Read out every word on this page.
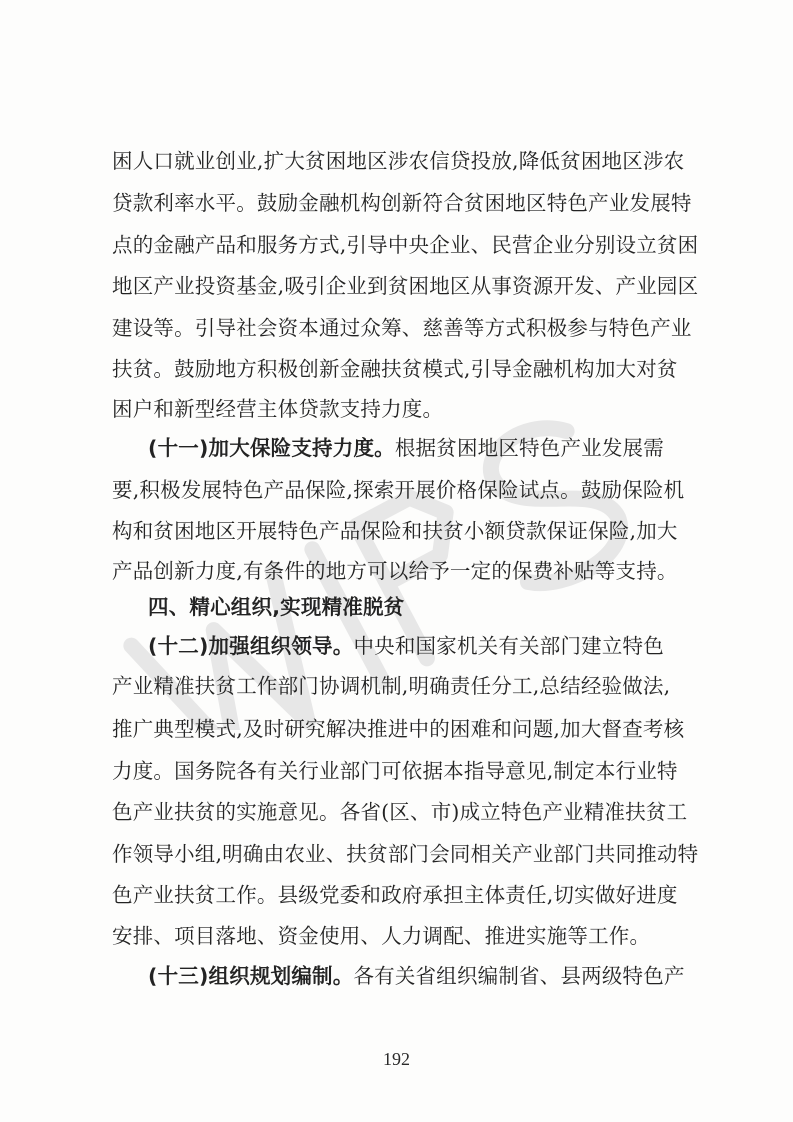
困人口就业创业,扩大贫困地区涉农信贷投放,降低贫困地区涉农
贷款利率水平。鼓励金融机构创新符合贫困地区特色产业发展特
点的金融产品和服务方式,引导中央企业、民营企业分别设立贫困
地区产业投资基金,吸引企业到贫困地区从事资源开发、产业园区
建设等。引导社会资本通过众筹、慈善等方式积极参与特色产业
扶贫。鼓励地方积极创新金融扶贫模式,引导金融机构加大对贫
困户和新型经营主体贷款支持力度。
(十一)加大保险支持力度。根据贫困地区特色产业发展需
要,积极发展特色产品保险,探索开展价格保险试点。鼓励保险机
构和贫困地区开展特色产品保险和扶贫小额贷款保证保险,加大
产品创新力度,有条件的地方可以给予一定的保费补贴等支持。
四、精心组织,实现精准脱贫
(十二)加强组织领导。中央和国家机关有关部门建立特色
产业精准扶贫工作部门协调机制,明确责任分工,总结经验做法,
推广典型模式,及时研究解决推进中的困难和问题,加大督查考核
力度。国务院各有关行业部门可依据本指导意见,制定本行业特
色产业扶贫的实施意见。各省(区、市)成立特色产业精准扶贫工
作领导小组,明确由农业、扶贫部门会同相关产业部门共同推动特
色产业扶贫工作。县级党委和政府承担主体责任,切实做好进度
安排、项目落地、资金使用、人力调配、推进实施等工作。
(十三)组织规划编制。各有关省组织编制省、县两级特色产
192
